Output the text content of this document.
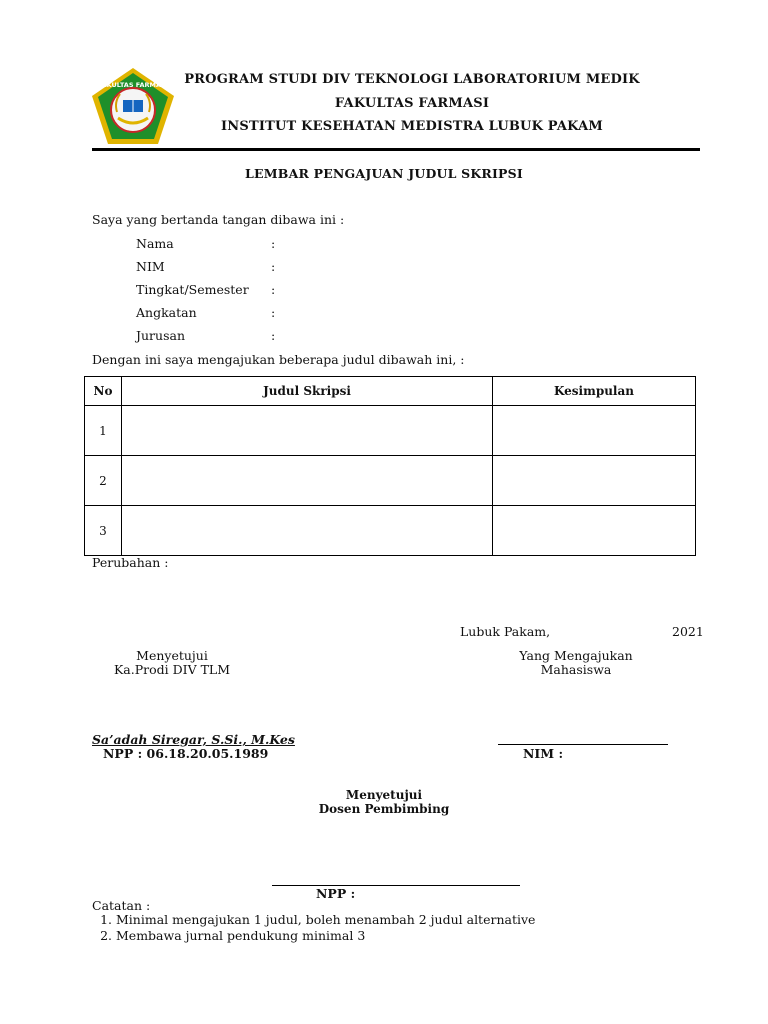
FAKULTAS FARMASI	PROGRAM STUDI DIV TEKNOLOGI LABORATORIUM MEDIK
FAKULTAS FARMASI
INSTITUT KESEHATAN MEDISTRA LUBUK PAKAM
LEMBAR PENGAJUAN JUDUL SKRIPSI
Saya yang bertanda tangan dibawa ini :
Nama	:
NIM	:
Tingkat/Semester :
Angkatan	:
Jurusan	:
Dengan ini saya mengajukan beberapa judul dibawah ini, :
No	Judul Skripsi	Kesimpulan
1		
2		
3		
Perubahan :
Lubuk Pakam,	2021
Menyetujui
Ka.Prodi DIV TLM
Sa’adah Siregar, S.Si., M.Kes
NPP : 06.18.20.05.1989
Yang Mengajukan
Mahasiswa
NIM :
Menyetujui
Dosen Pembimbing
NPP :
Catatan :
1. Minimal mengajukan 1 judul, boleh menambah 2 judul alternative
2. Membawa jurnal pendukung minimal 3
